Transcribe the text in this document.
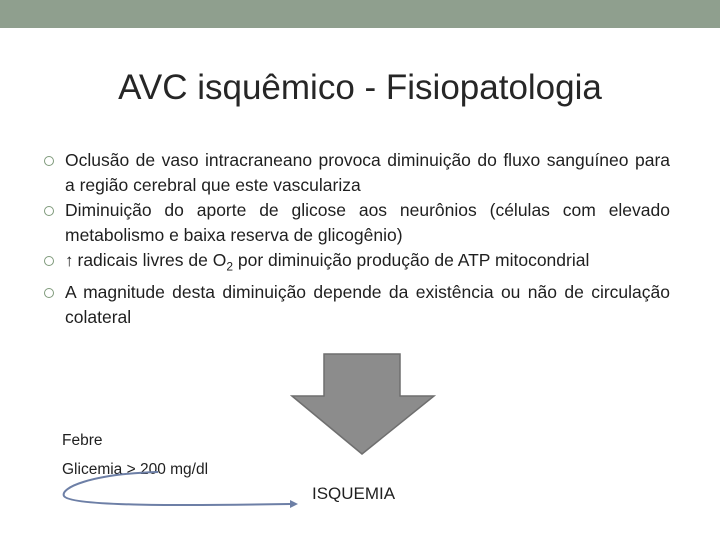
AVC isquêmico - Fisiopatologia
Oclusão de vaso intracraneano provoca diminuição do fluxo sanguíneo para a região cerebral que este vasculariza
Diminuição do aporte de glicose aos neurônios (células com elevado metabolismo e baixa reserva de glicogênio)
↑ radicais livres de $O_2$ por diminuição produção de ATP mitocondrial
A magnitude desta diminuição depende da existência ou não de circulação colateral
Febre
Glicemia > 200 mg/dl
ISQUEMIA
